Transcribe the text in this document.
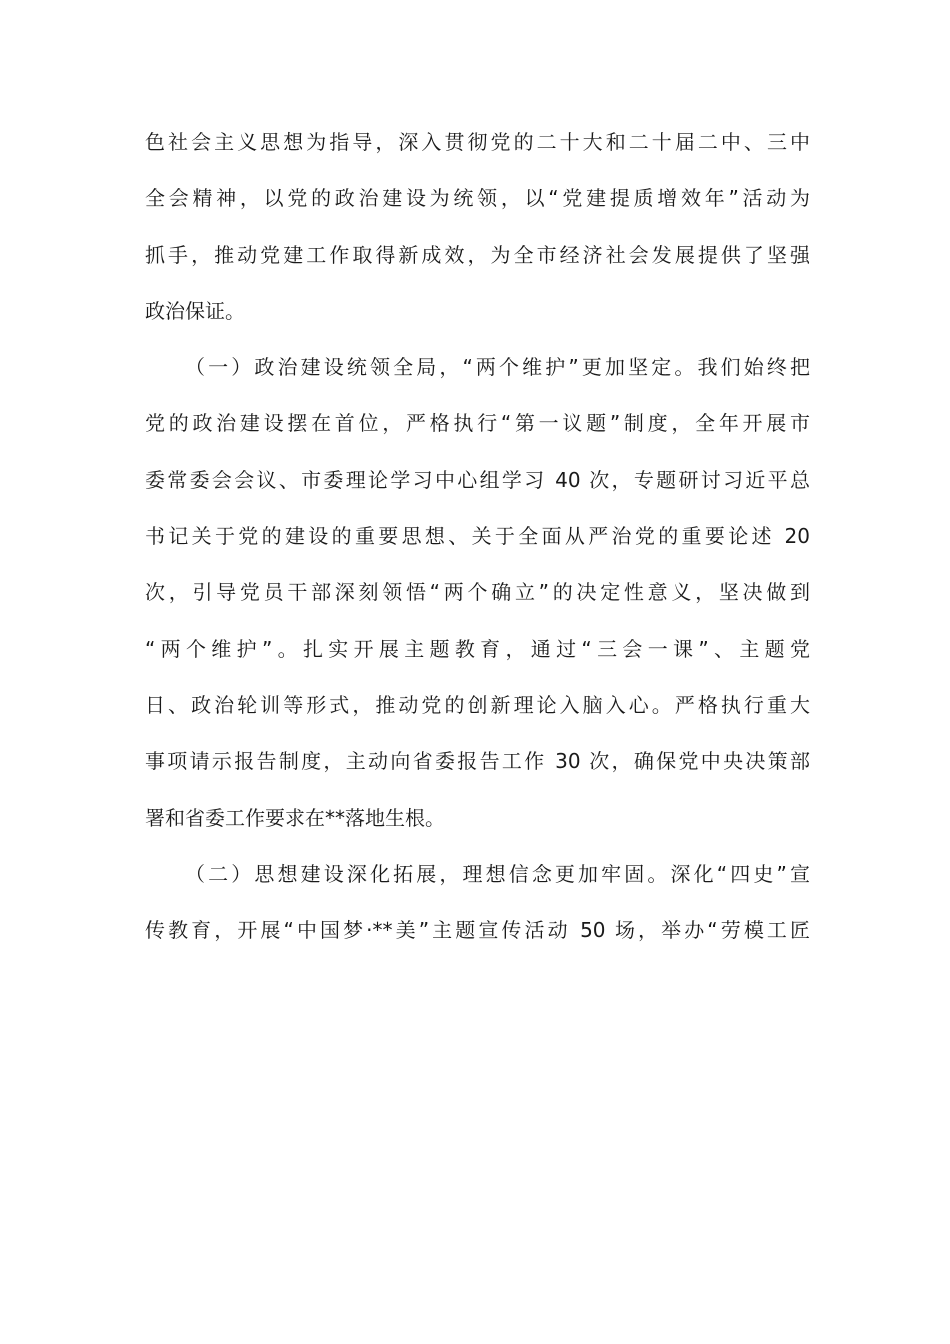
色社会主义思想为指导，深入贯彻党的二十大和二十届二中、三中
全会精神，以党的政治建设为统领，以“党建提质增效年”活动为
抓手，推动党建工作取得新成效，为全市经济社会发展提供了坚强
政治保证。
（一）政治建设统领全局，“两个维护”更加坚定。我们始终把
党的政治建设摆在首位，严格执行“第一议题”制度，全年开展市
委常委会会议、市委理论学习中心组学习 40 次，专题研讨习近平总
书记关于党的建设的重要思想、关于全面从严治党的重要论述 20
次，引导党员干部深刻领悟“两个确立”的决定性意义，坚决做到
“两个维护”。扎实开展主题教育，通过“三会一课”、主题党
日、政治轮训等形式，推动党的创新理论入脑入心。严格执行重大
事项请示报告制度，主动向省委报告工作 30 次，确保党中央决策部
署和省委工作要求在**落地生根。
（二）思想建设深化拓展，理想信念更加牢固。深化“四史”宣
传教育，开展“中国梦·**美”主题宣传活动 50 场，举办“劳模工匠
